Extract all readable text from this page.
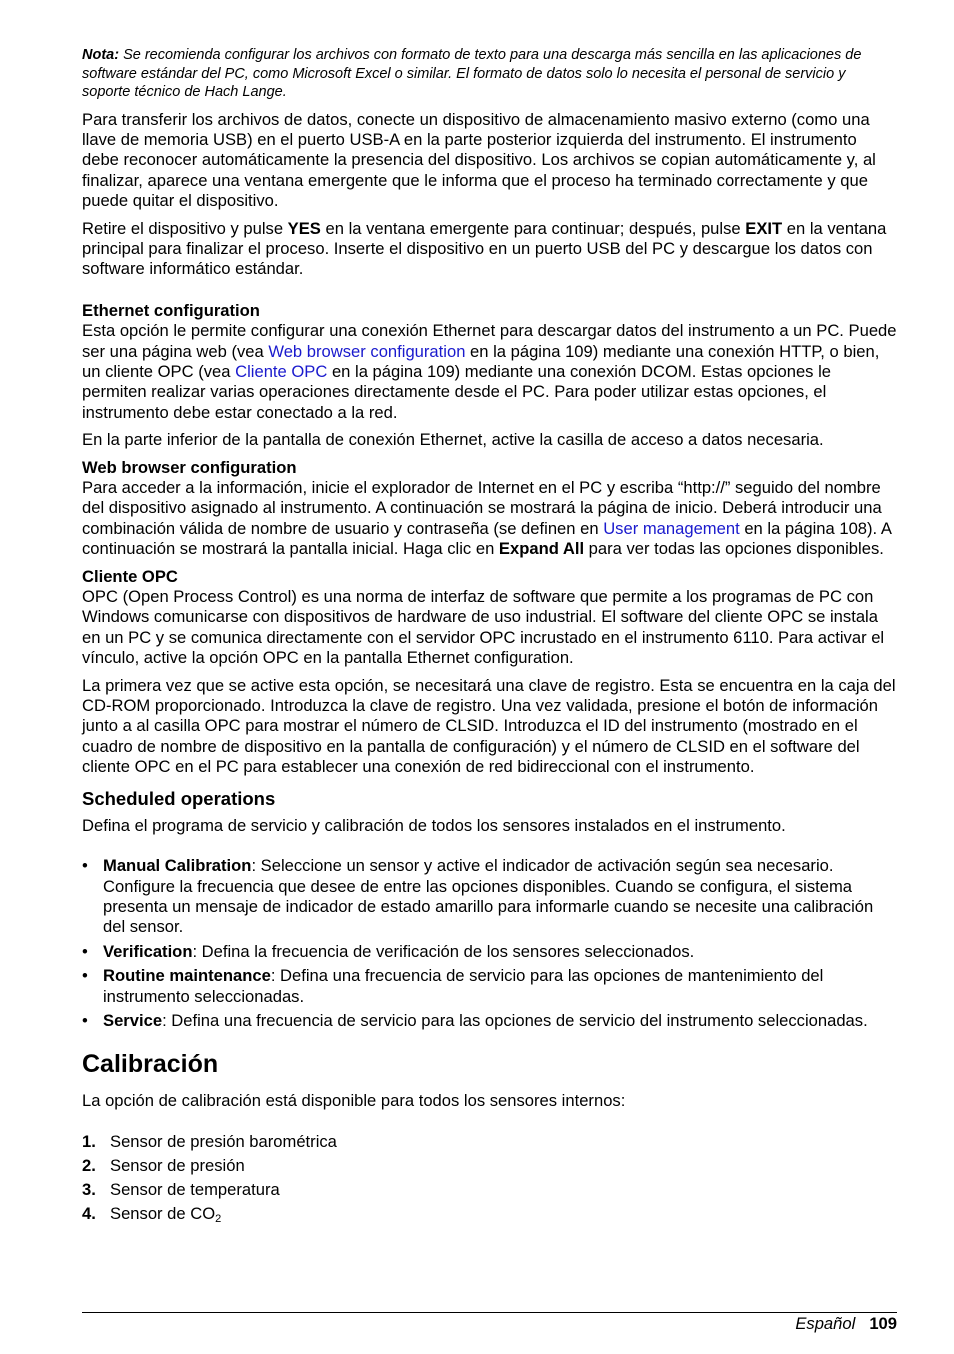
Nota: Se recomienda configurar los archivos con formato de texto para una descarga más sencilla en las aplicaciones de software estándar del PC, como Microsoft Excel o similar. El formato de datos solo lo necesita el personal de servicio y soporte técnico de Hach Lange.

Para transferir los archivos de datos, conecte un dispositivo de almacenamiento masivo externo (como una llave de memoria USB) en el puerto USB-A en la parte posterior izquierda del instrumento. El instrumento debe reconocer automáticamente la presencia del dispositivo. Los archivos se copian automáticamente y, al finalizar, aparece una ventana emergente que le informa que el proceso ha terminado correctamente y que puede quitar el dispositivo.

Retire el dispositivo y pulse YES en la ventana emergente para continuar; después, pulse EXIT en la ventana principal para finalizar el proceso. Inserte el dispositivo en un puerto USB del PC y descargue los datos con software informático estándar.

Ethernet configuration

Esta opción le permite configurar una conexión Ethernet para descargar datos del instrumento a un PC. Puede ser una página web (vea Web browser configuration en la página 109) mediante una conexión HTTP, o bien, un cliente OPC (vea Cliente OPC en la página 109) mediante una conexión DCOM. Estas opciones le permiten realizar varias operaciones directamente desde el PC. Para poder utilizar estas opciones, el instrumento debe estar conectado a la red.

En la parte inferior de la pantalla de conexión Ethernet, active la casilla de acceso a datos necesaria.

Web browser configuration

Para acceder a la información, inicie el explorador de Internet en el PC y escriba “http://” seguido del nombre del dispositivo asignado al instrumento. A continuación se mostrará la página de inicio. Deberá introducir una combinación válida de nombre de usuario y contraseña (se definen en User management en la página 108). A continuación se mostrará la pantalla inicial. Haga clic en Expand All para ver todas las opciones disponibles.

Cliente OPC

OPC (Open Process Control) es una norma de interfaz de software que permite a los programas de PC con Windows comunicarse con dispositivos de hardware de uso industrial. El software del cliente OPC se instala en un PC y se comunica directamente con el servidor OPC incrustado en el instrumento 6110. Para activar el vínculo, active la opción OPC en la pantalla Ethernet configuration.

La primera vez que se active esta opción, se necesitará una clave de registro. Esta se encuentra en la caja del CD-ROM proporcionado. Introduzca la clave de registro. Una vez validada, presione el botón de información junto a al casilla OPC para mostrar el número de CLSID. Introduzca el ID del instrumento (mostrado en el cuadro de nombre de dispositivo en la pantalla de configuración) y el número de CLSID en el software del cliente OPC en el PC para establecer una conexión de red bidireccional con el instrumento.

Scheduled operations

Defina el programa de servicio y calibración de todos los sensores instalados en el instrumento.

• Manual Calibration: Seleccione un sensor y active el indicador de activación según sea necesario. Configure la frecuencia que desee de entre las opciones disponibles. Cuando se configura, el sistema presenta un mensaje de indicador de estado amarillo para informarle cuando se necesite una calibración del sensor.
• Verification: Defina la frecuencia de verificación de los sensores seleccionados.
• Routine maintenance: Defina una frecuencia de servicio para las opciones de mantenimiento del instrumento seleccionadas.
• Service: Defina una frecuencia de servicio para las opciones de servicio del instrumento seleccionadas.
Calibración

La opción de calibración está disponible para todos los sensores internos:

1. Sensor de presión barométrica
2. Sensor de presión
3. Sensor de temperatura
4. Sensor de $CO_2$
Español 109
